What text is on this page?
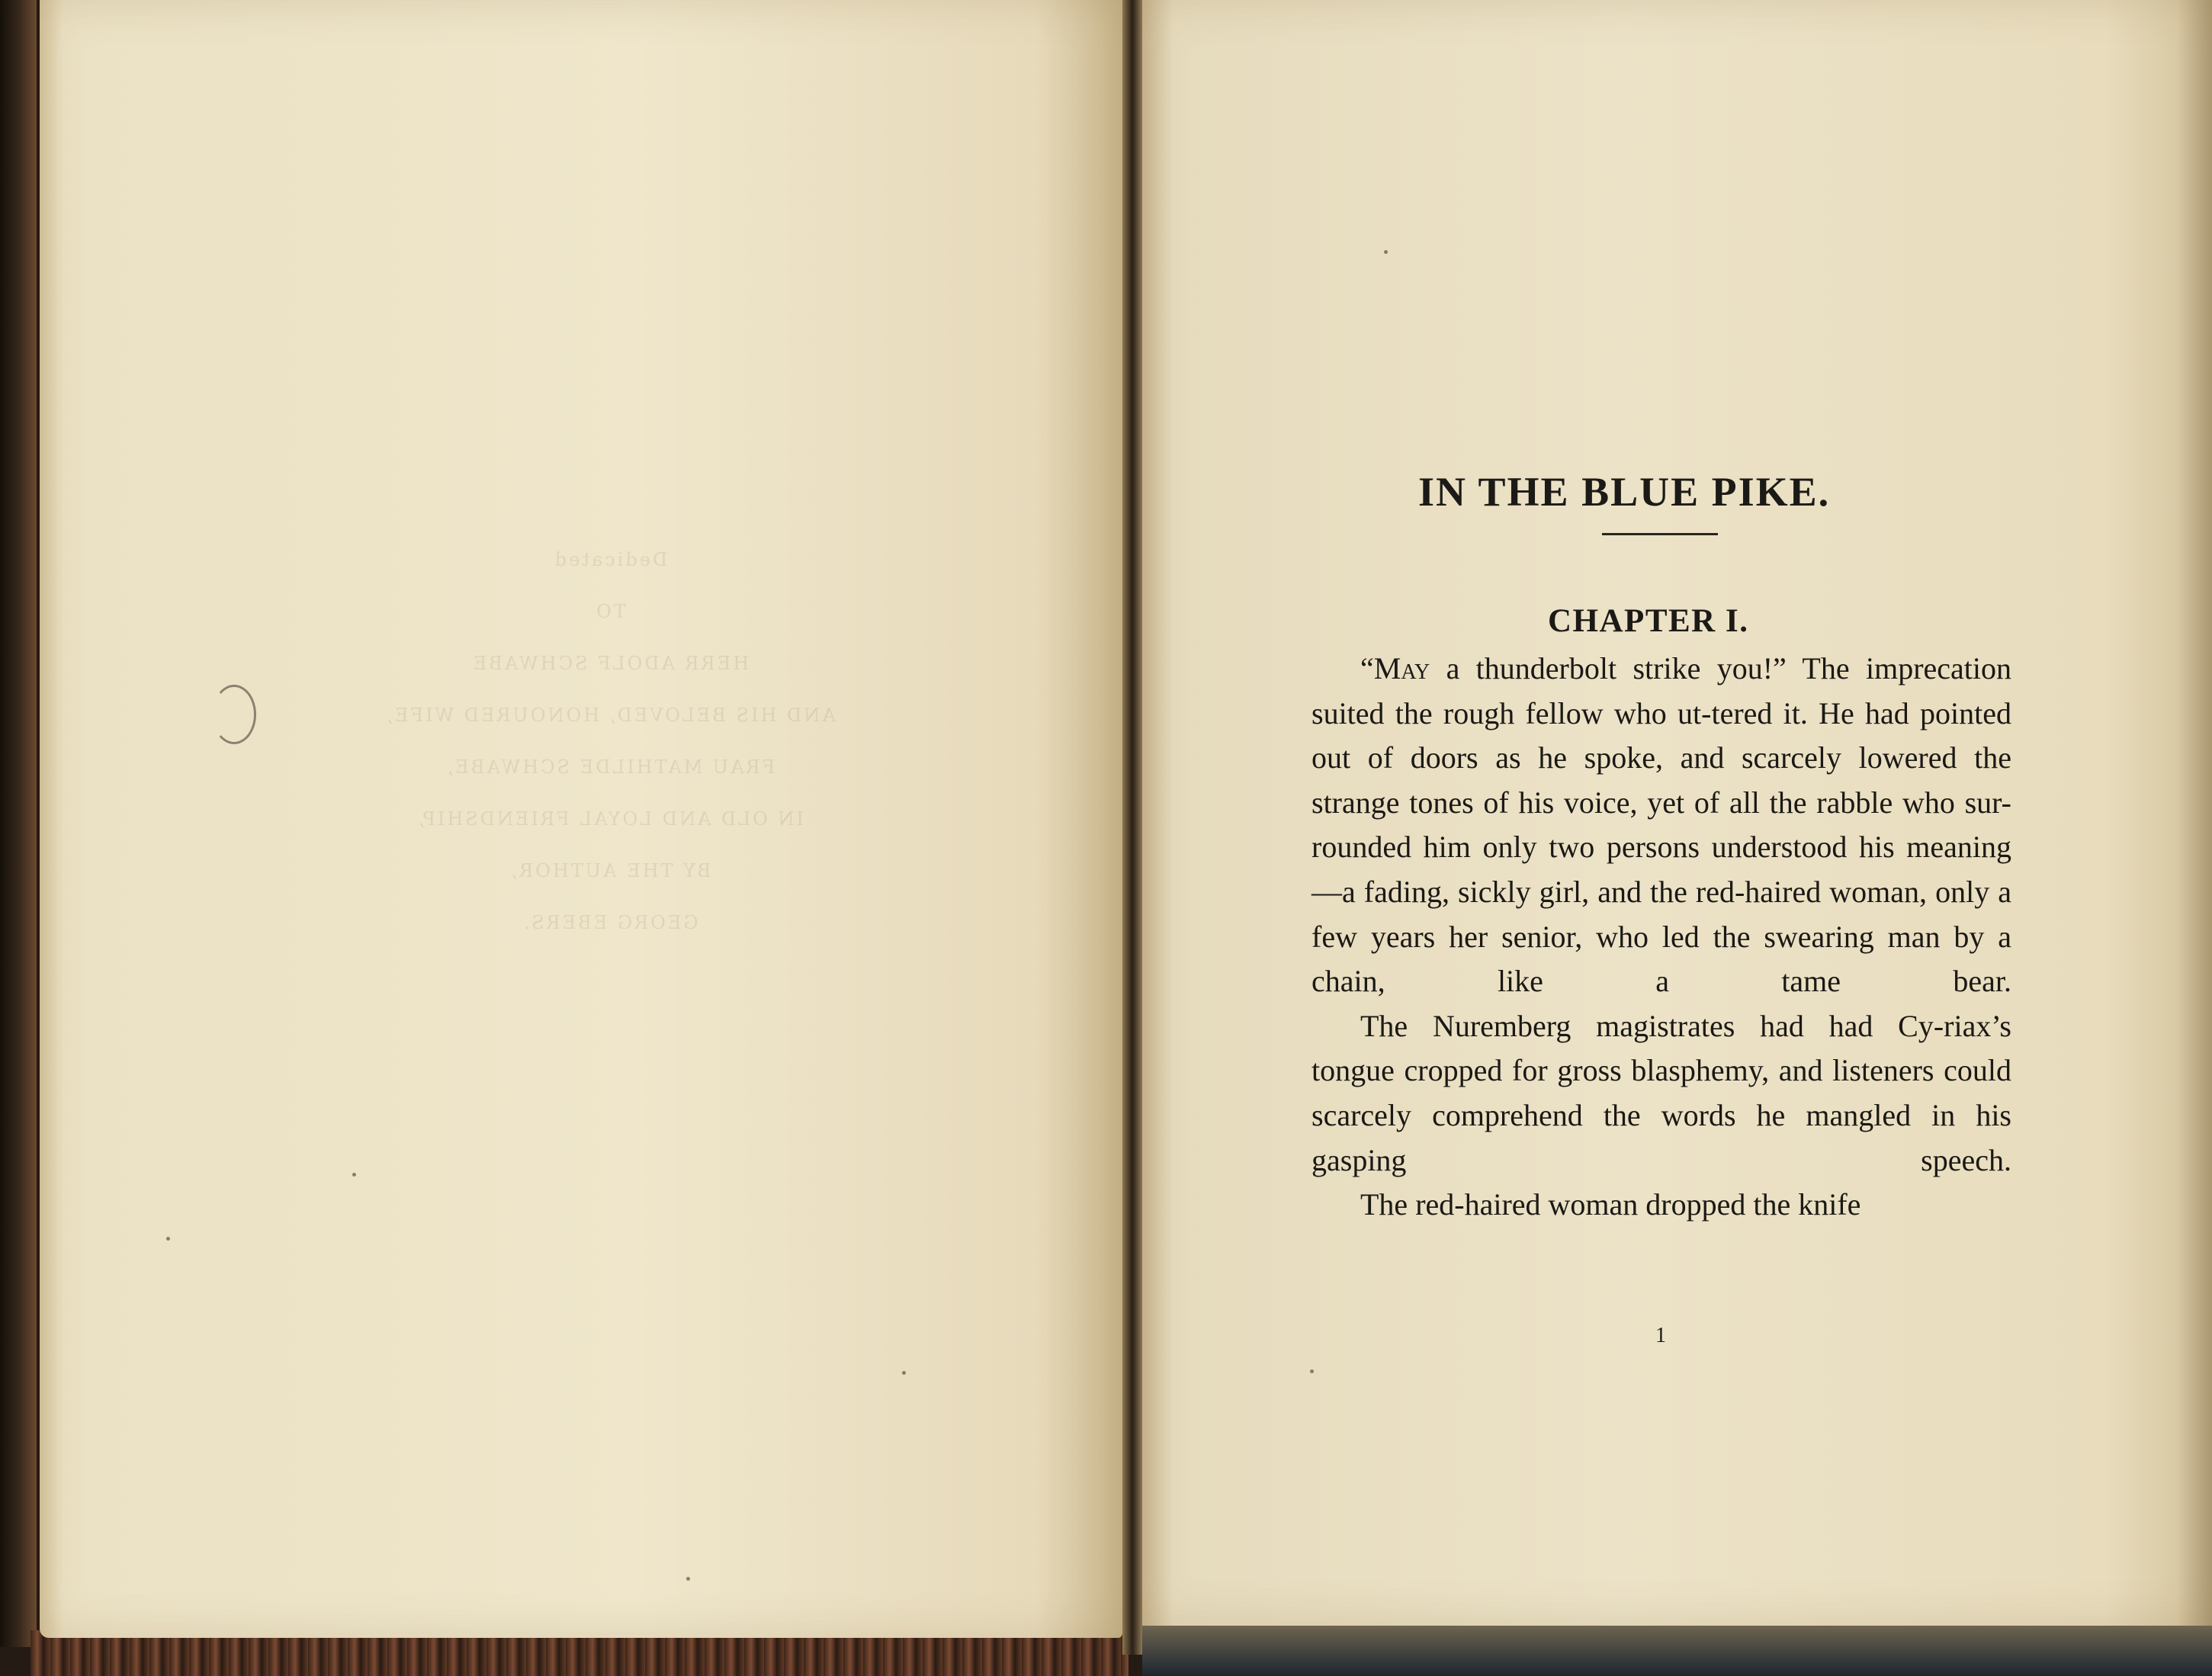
Dedicated
TO
HERR ADOLF SCHWABE
AND HIS BELOVED, HONOURED WIFE,
FRAU MATHILDE SCHWABE,
IN OLD AND LOYAL FRIENDSHIP,
BY THE AUTHOR,
GEORG EBERS.
IN THE BLUE PIKE.
CHAPTER I.

“May a thunderbolt strike you!” The imprecation suited the rough fellow who ut-tered it. He had pointed out of doors as he spoke, and scarcely lowered the strange tones of his voice, yet of all the rabble who sur-rounded him only two persons understood his meaning—a fading, sickly girl, and the red-haired woman, only a few years her senior, who led the swearing man by a chain, like a tame bear.

The Nuremberg magistrates had had Cy-riax’s tongue cropped for gross blasphemy, and listeners could scarcely comprehend the words he mangled in his gasping speech.

The red-haired woman dropped the knife

1
